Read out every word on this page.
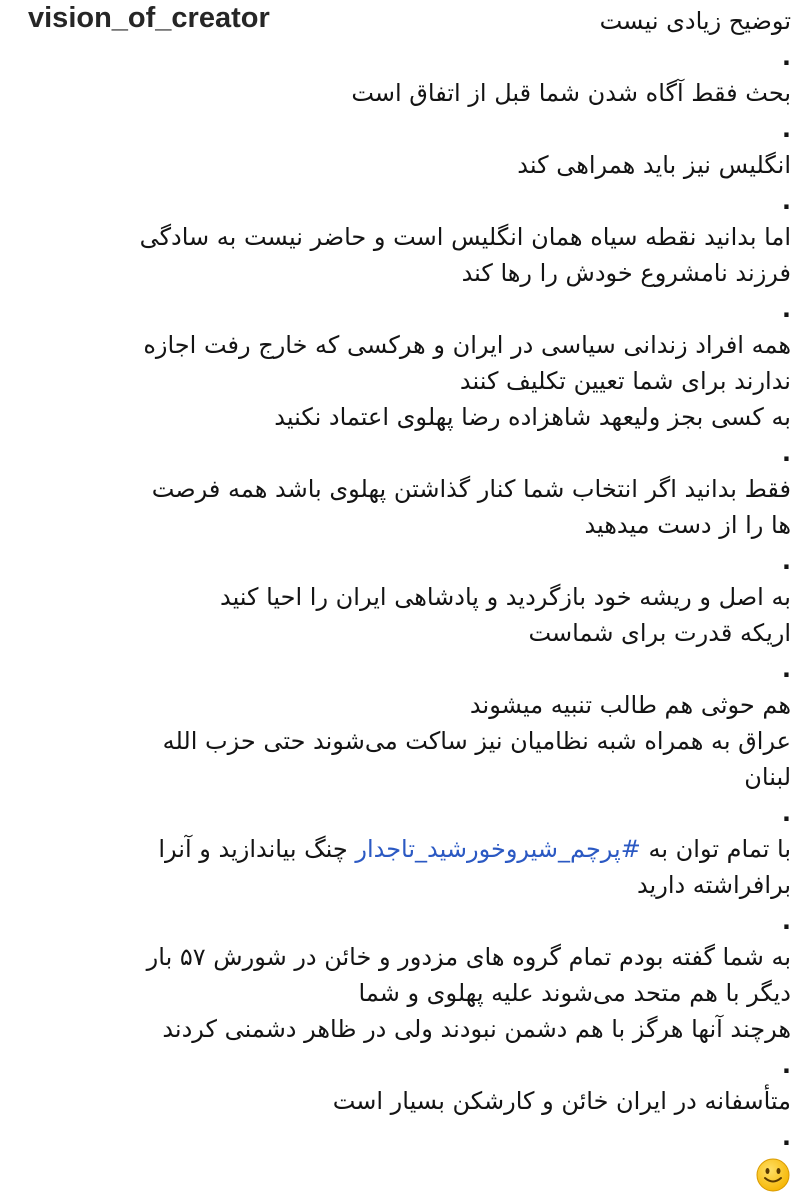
vision_of_creator	توضیح زیادی نیست
.
بحث فقط آگاه شدن شما قبل از اتفاق است
.
انگلیس نیز باید همراهی کند
.
اما بدانید نقطه سیاه همان انگلیس است و حاضر نیست به سادگی
فرزند نامشروع خودش را رها کند
.
همه افراد زندانی سیاسی در ایران و هرکسی که خارج رفت اجازه
ندارند برای شما تعیین تکلیف کنند
به کسی بجز ولیعهد شاهزاده رضا پهلوی اعتماد نکنید
.
فقط بدانید اگر انتخاب شما کنار گذاشتن پهلوی باشد همه فرصت
ها را از دست میدهید
.
به اصل و ریشه خود بازگردید و پادشاهی ایران را احیا کنید
اریکه قدرت برای شماست
.
هم حوثی هم طالب تنبیه میشوند
عراق به همراه شبه نظامیان نیز ساکت می‌شوند حتی حزب الله
لبنان
.
با تمام توان به #پرچم_شیروخورشید_تاجدار چنگ بیاندازید و آنرا
برافراشته دارید
.
به شما گفته بودم تمام گروه های مزدور و خائن در شورش ۵۷ بار
دیگر با هم متحد می‌شوند علیه پهلوی و شما
هرچند آنها هرگز با هم دشمن نبودند ولی در ظاهر دشمنی کردند
.
متأسفانه در ایران خائن و کارشکن بسیار است
.
